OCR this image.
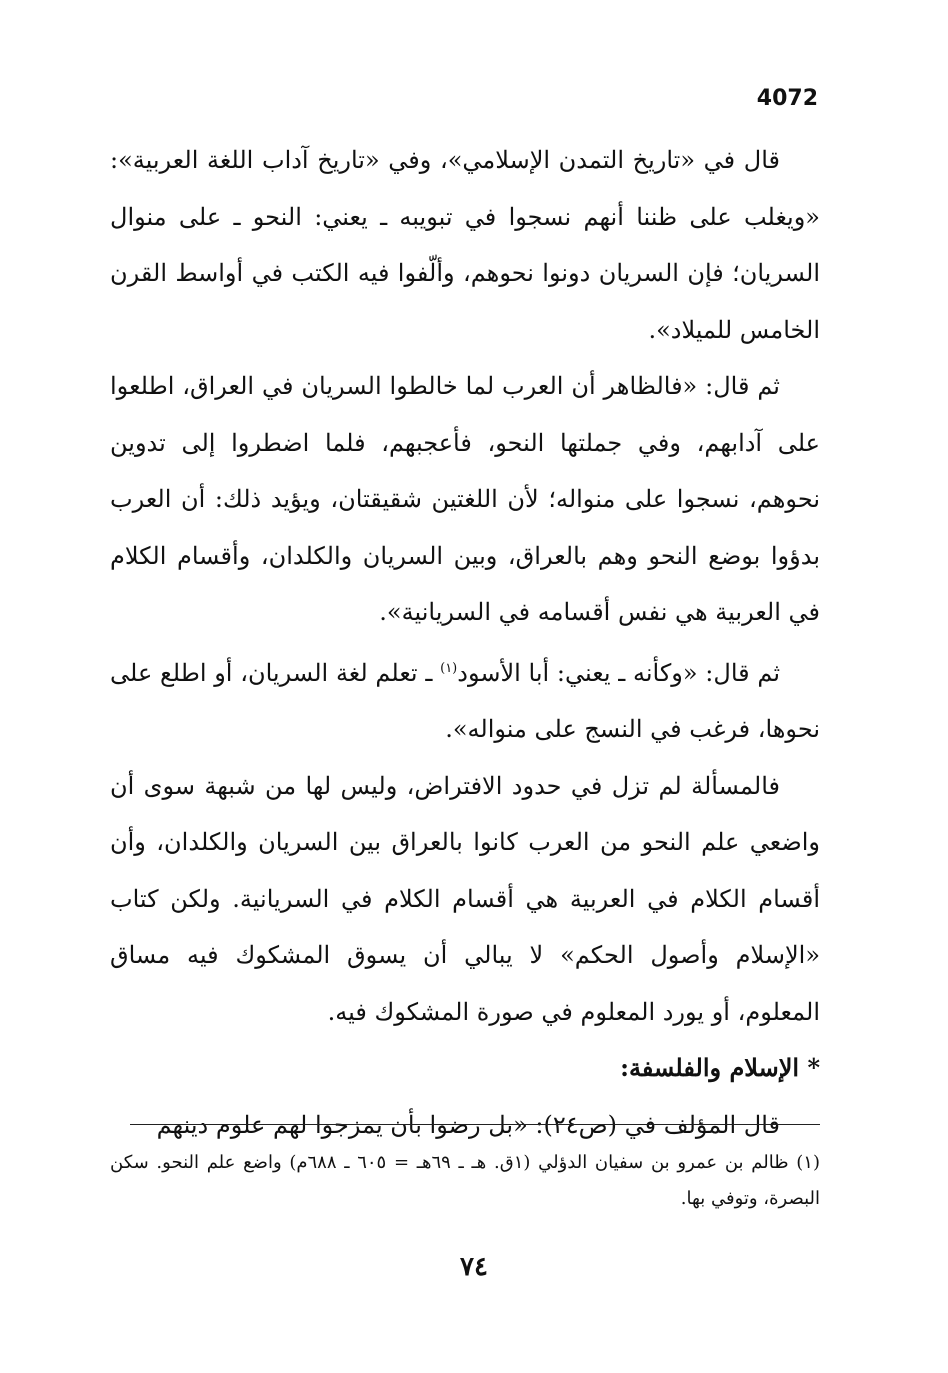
4072

قال في «تاريخ التمدن الإسلامي»، وفي «تاريخ آداب اللغة العربية»: «ويغلب على ظننا أنهم نسجوا في تبويبه ـ يعني: النحو ـ على منوال السريان؛ فإن السريان دونوا نحوهم، وألّفوا فيه الكتب في أواسط القرن الخامس للميلاد».

ثم قال: «فالظاهر أن العرب لما خالطوا السريان في العراق، اطلعوا على آدابهم، وفي جملتها النحو، فأعجبهم، فلما اضطروا إلى تدوين نحوهم، نسجوا على منواله؛ لأن اللغتين شقيقتان، ويؤيد ذلك: أن العرب بدؤوا بوضع النحو وهم بالعراق، وبين السريان والكلدان، وأقسام الكلام في العربية هي نفس أقسامه في السريانية».

ثم قال: «وكأنه ـ يعني: أبا الأسود$^{(١)}$ ـ تعلم لغة السريان، أو اطلع على نحوها، فرغب في النسج على منواله».

فالمسألة لم تزل في حدود الافتراض، وليس لها من شبهة سوى أن واضعي علم النحو من العرب كانوا بالعراق بين السريان والكلدان، وأن أقسام الكلام في العربية هي أقسام الكلام في السريانية. ولكن كتاب «الإسلام وأصول الحكم» لا يبالي أن يسوق المشكوك فيه مساق المعلوم، أو يورد المعلوم في صورة المشكوك فيه.

* الإسلام والفلسفة:

قال المؤلف في (ص٢٤): «بل رضوا بأن يمزجوا لهم علوم دينهم

(١) ظالم بن عمرو بن سفيان الدؤلي (١ق. هـ ـ ٦٩هـ = ٦٠٥ ـ ٦٨٨م) واضع علم النحو. سكن البصرة، وتوفي بها.

٧٤
